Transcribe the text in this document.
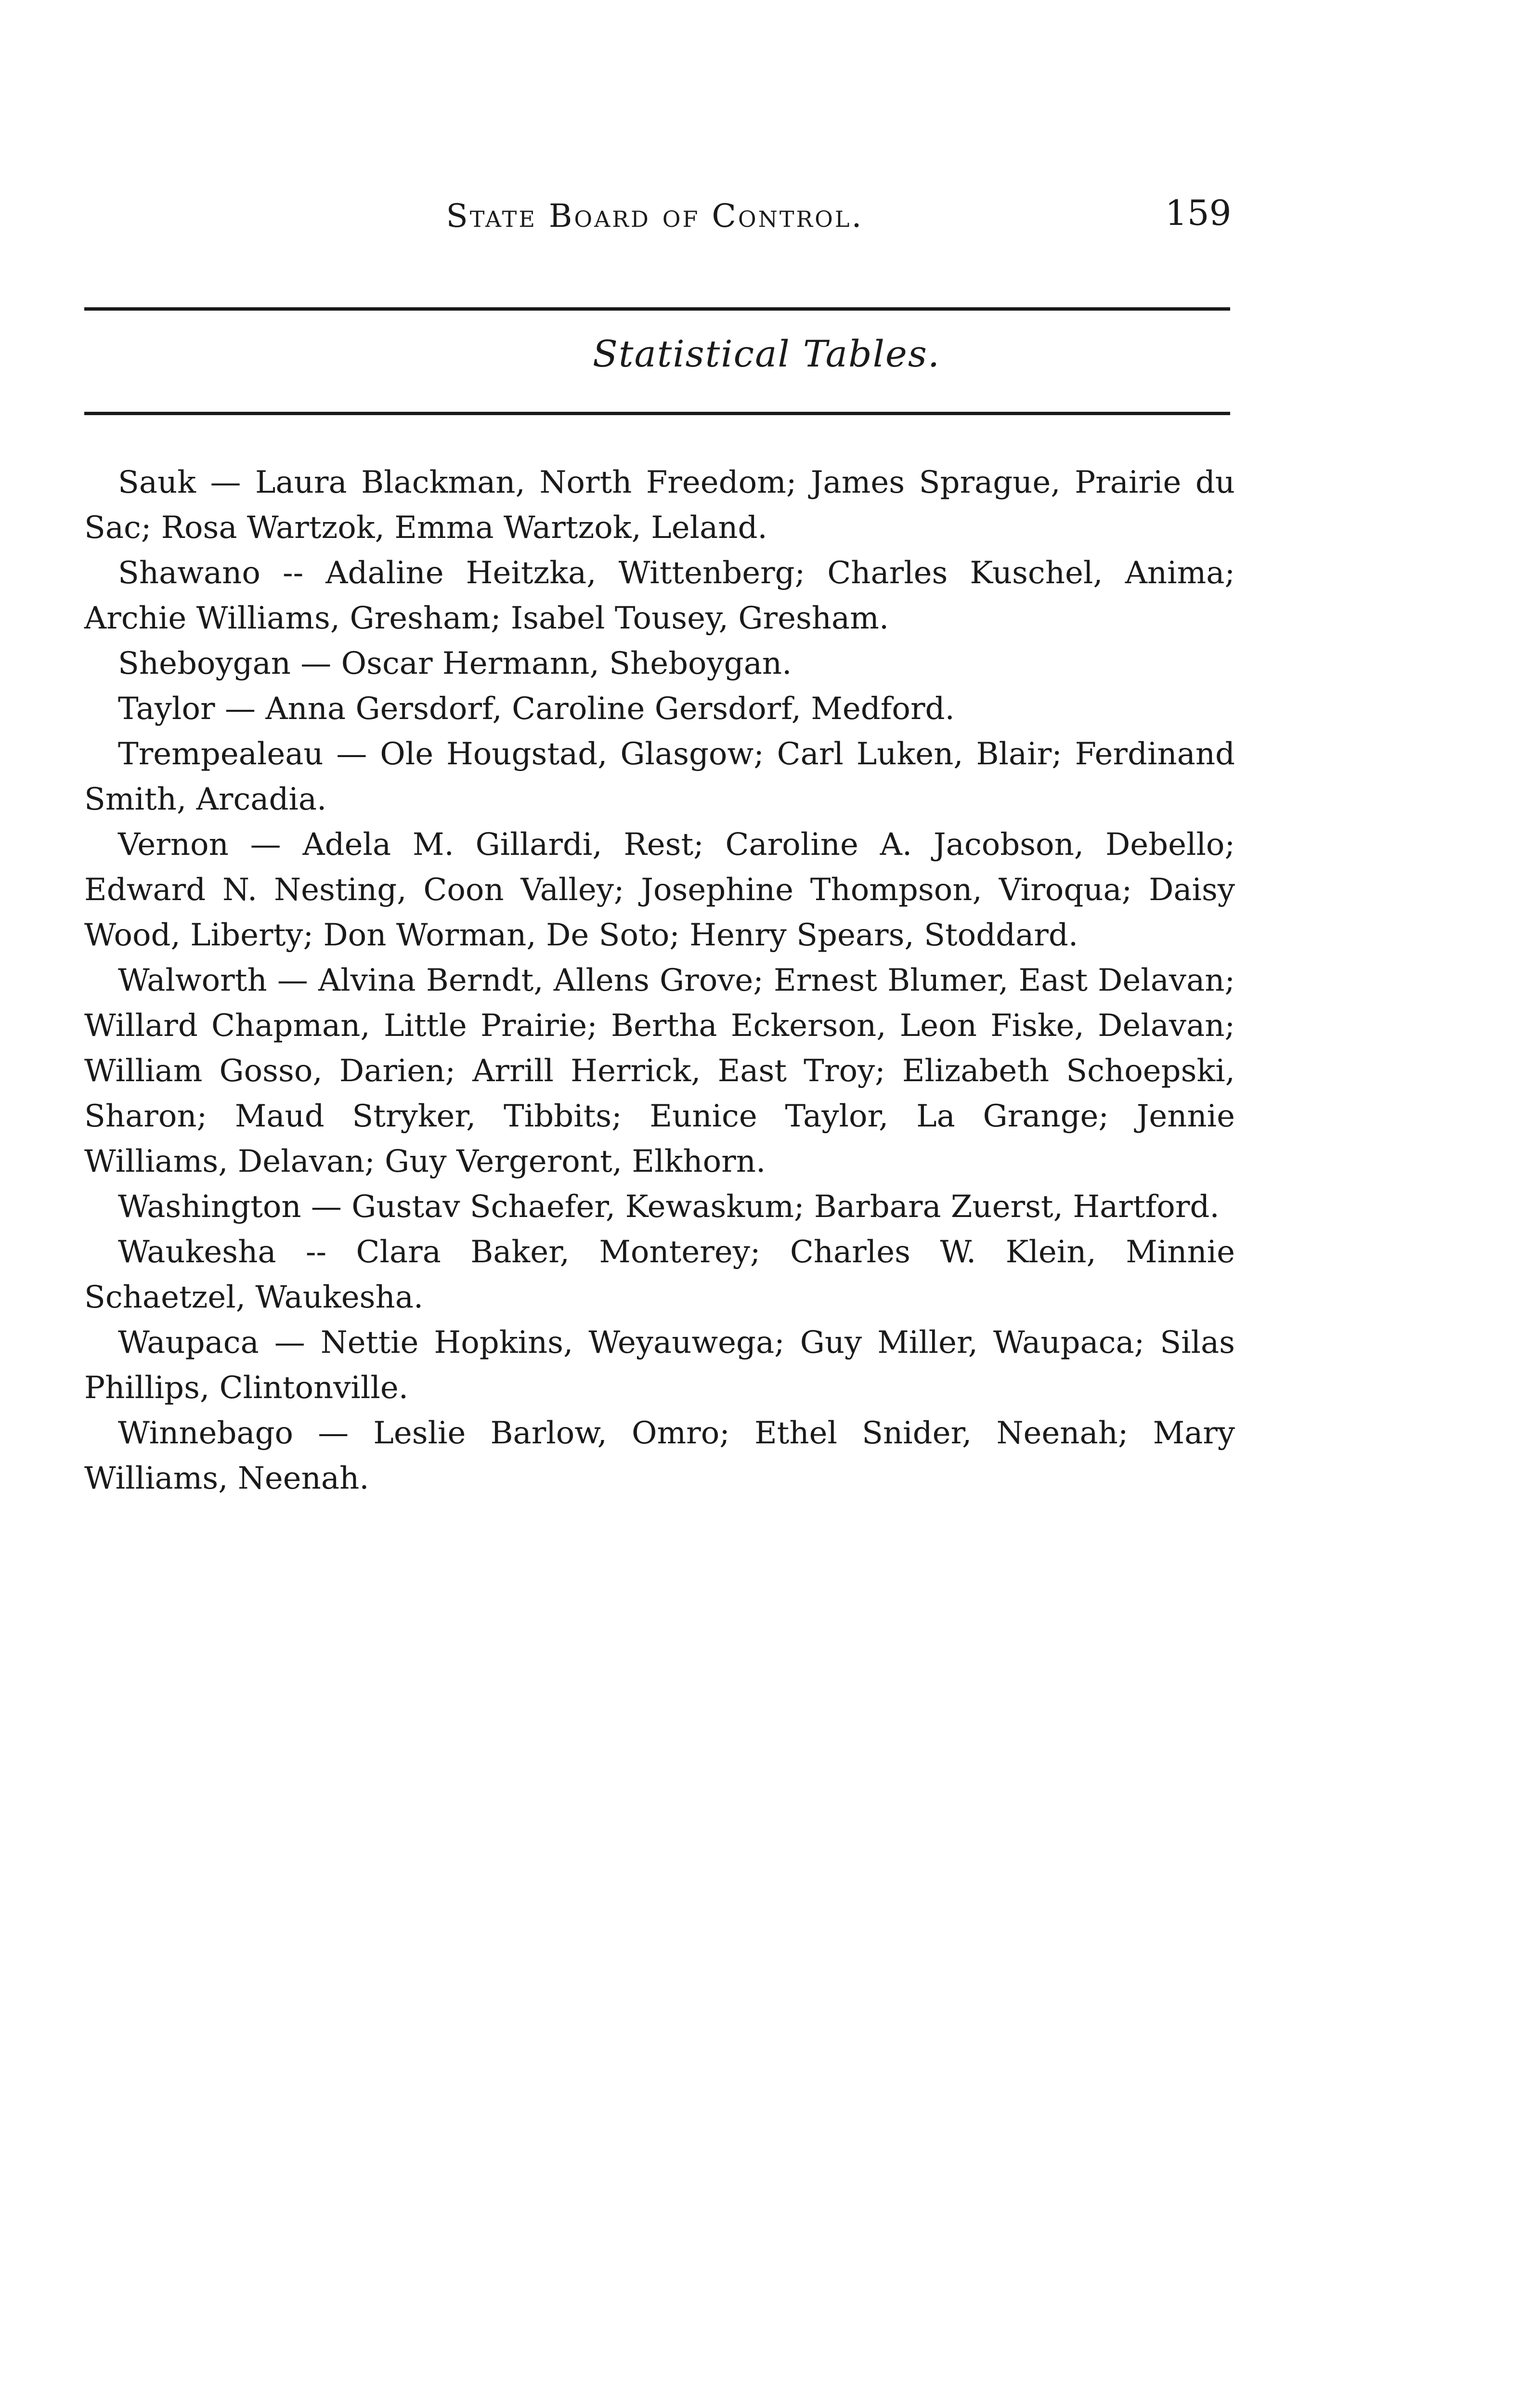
State Board of Control.	159
Statistical Tables.

Sauk — Laura Blackman, North Freedom; James Sprague, Prairie du Sac; Rosa Wartzok, Emma Wartzok, Leland.

Shawano -- Adaline Heitzka, Wittenberg; Charles Kuschel, Anima; Archie Williams, Gresham; Isabel Tousey, Gresham.

Sheboygan — Oscar Hermann, Sheboygan.

Taylor — Anna Gersdorf, Caroline Gersdorf, Medford.

Trempealeau — Ole Hougstad, Glasgow; Carl Luken, Blair; Ferdinand Smith, Arcadia.

Vernon — Adela M. Gillardi, Rest; Caroline A. Jacobson, Debello; Edward N. Nesting, Coon Valley; Josephine Thompson, Viroqua; Daisy Wood, Liberty; Don Worman, De Soto; Henry Spears, Stoddard.

Walworth — Alvina Berndt, Allens Grove; Ernest Blumer, East Delavan; Willard Chapman, Little Prairie; Bertha Eckerson, Leon Fiske, Delavan; William Gosso, Darien; Arrill Herrick, East Troy; Elizabeth Schoepski, Sharon; Maud Stryker, Tibbits; Eunice Taylor, La Grange; Jennie Williams, Delavan; Guy Vergeront, Elkhorn.

Washington — Gustav Schaefer, Kewaskum; Barbara Zuerst, Hartford.

Waukesha -- Clara Baker, Monterey; Charles W. Klein, Minnie Schaetzel, Waukesha.

Waupaca — Nettie Hopkins, Weyauwega; Guy Miller, Waupaca; Silas Phillips, Clintonville.

Winnebago — Leslie Barlow, Omro; Ethel Snider, Neenah; Mary Williams, Neenah.
